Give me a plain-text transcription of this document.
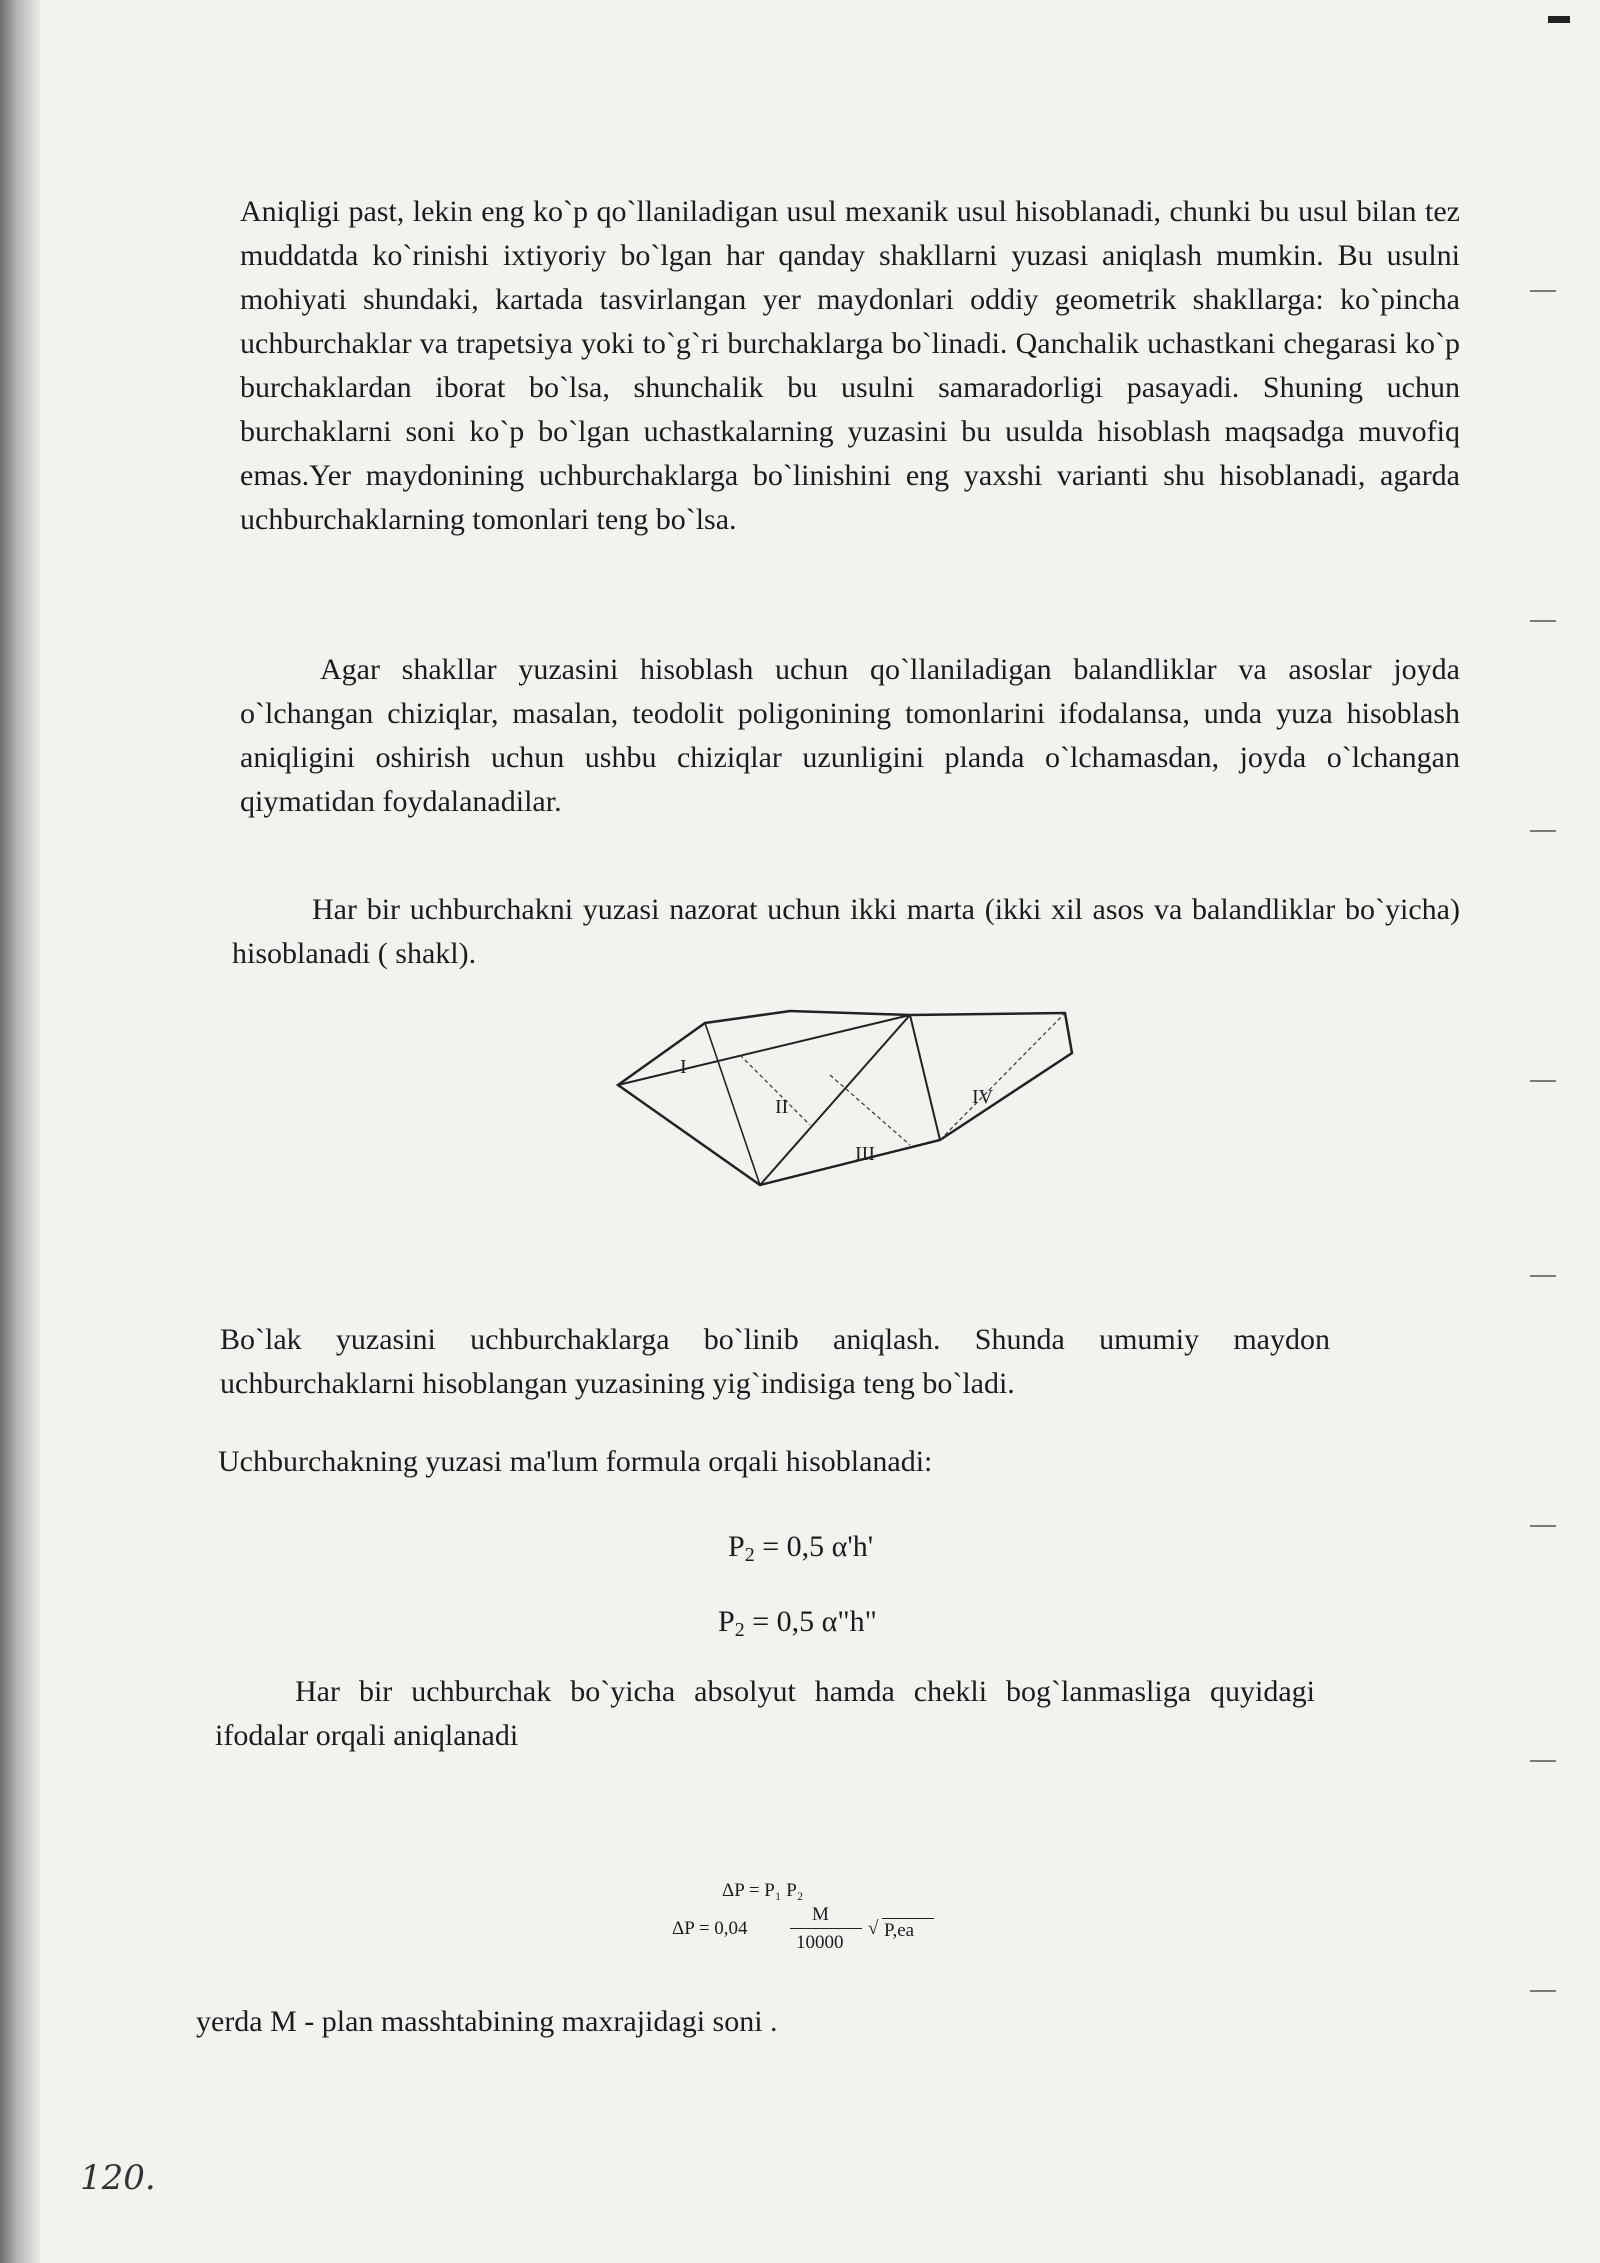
Aniqligi past, lekin eng ko`p qo`llaniladigan usul mexanik usul hisoblanadi, chunki bu usul bilan tez muddatda ko`rinishi ixtiyoriy bo`lgan har qanday shakllarni yuzasi aniqlash mumkin. Bu usulni mohiyati shundaki, kartada tasvirlangan yer maydonlari oddiy geometrik shakllarga: ko`pincha uchburchaklar va trapetsiya yoki to`g`ri burchaklarga bo`linadi. Qanchalik uchastkani chegarasi ko`p burchaklardan iborat bo`lsa, shunchalik bu usulni samaradorligi pasayadi. Shuning uchun burchaklarni soni ko`p bo`lgan uchastkalarning yuzasini bu usulda hisoblash maqsadga muvofiq emas.Yer maydonining uchburchaklarga bo`linishini eng yaxshi varianti shu hisoblanadi, agarda uchburchaklarning tomonlari teng bo`lsa.

Agar shakllar yuzasini hisoblash uchun qo`llaniladigan balandliklar va asoslar joyda o`lchangan chiziqlar, masalan, teodolit poligonining tomonlarini ifodalansa, unda yuza hisoblash aniqligini oshirish uchun ushbu chiziqlar uzunligini planda o`lchamasdan, joyda o`lchangan qiymatidan foydalanadilar.

Har bir uchburchakni yuzasi nazorat uchun ikki marta (ikki xil asos va balandliklar bo`yicha) hisoblanadi ( shakl).

I
II
III
IV

Bo`lak yuzasini uchburchaklarga bo`linib aniqlash. Shunda umumiy maydon uchburchaklarni hisoblangan yuzasining yig`indisiga teng bo`ladi.

Uchburchakning yuzasi ma'lum formula orqali hisoblanadi:

$P_2 = 0,5$ α'h'
$P_2 = 0,5$ α"h"

Har bir uchburchak bo`yicha absolyut hamda chekli bog`lanmasliga quyidagi ifodalar orqali aniqlanadi

ΔP = P₁ P₂
ΔP = 0,04
M
10000
√ P,ea

yerda M - plan masshtabining maxrajidagi soni .

120.
